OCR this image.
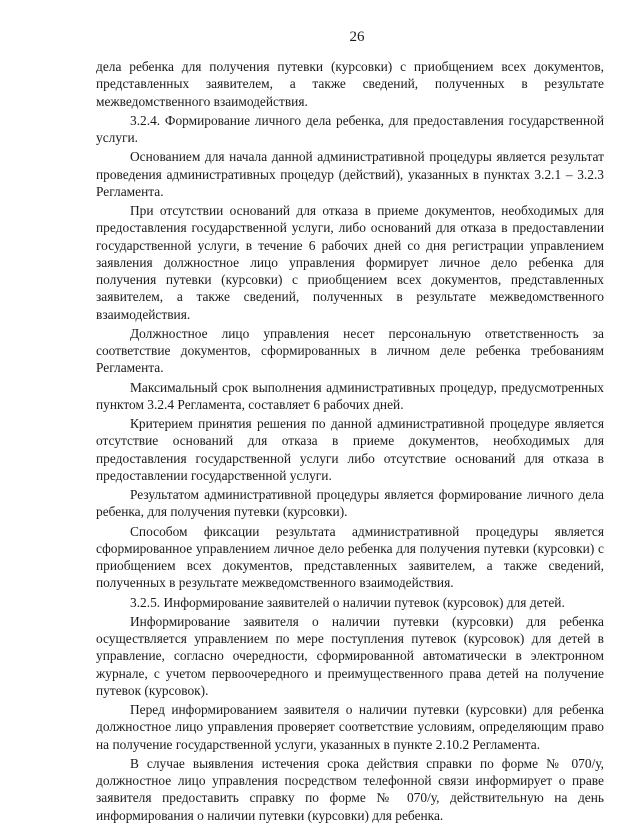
26

дела ребенка для получения путевки (курсовки) с приобщением всех документов, представленных заявителем, а также сведений, полученных в результате межведомственного взаимодействия.

3.2.4. Формирование личного дела ребенка, для предоставления государственной услуги.

Основанием для начала данной административной процедуры является результат проведения административных процедур (действий), указанных в пунктах 3.2.1 – 3.2.3 Регламента.

При отсутствии оснований для отказа в приеме документов, необходимых для предоставления государственной услуги, либо оснований для отказа в предоставлении государственной услуги, в течение 6 рабочих дней со дня регистрации управлением заявления должностное лицо управления формирует личное дело ребенка для получения путевки (курсовки) с приобщением всех документов, представленных заявителем, а также сведений, полученных в результате межведомственного взаимодействия.

Должностное лицо управления несет персональную ответственность за соответствие документов, сформированных в личном деле ребенка требованиям Регламента.

Максимальный срок выполнения административных процедур, предусмотренных пунктом 3.2.4 Регламента, составляет 6 рабочих дней.

Критерием принятия решения по данной административной процедуре является отсутствие оснований для отказа в приеме документов, необходимых для предоставления государственной услуги либо отсутствие оснований для отказа в предоставлении государственной услуги.

Результатом административной процедуры является формирование личного дела ребенка, для получения путевки (курсовки).

Способом фиксации результата административной процедуры является сформированное управлением личное дело ребенка для получения путевки (курсовки) с приобщением всех документов, представленных заявителем, а также сведений, полученных в результате межведомственного взаимодействия.

3.2.5. Информирование заявителей о наличии путевок (курсовок) для детей.

Информирование заявителя о наличии путевки (курсовки) для ребенка осуществляется управлением по мере поступления путевок (курсовок) для детей в управление, согласно очередности, сформированной автоматически в электронном журнале, с учетом первоочередного и преимущественного права детей на получение путевок (курсовок).

Перед информированием заявителя о наличии путевки (курсовки) для ребенка должностное лицо управления проверяет соответствие условиям, определяющим право на получение государственной услуги, указанных в пункте 2.10.2 Регламента.

В случае выявления истечения срока действия справки по форме № 070/у, должностное лицо управления посредством телефонной связи информирует о праве заявителя предоставить справку по форме № 070/у, действительную на день информирования о наличии путевки (курсовки) для ребенка.
